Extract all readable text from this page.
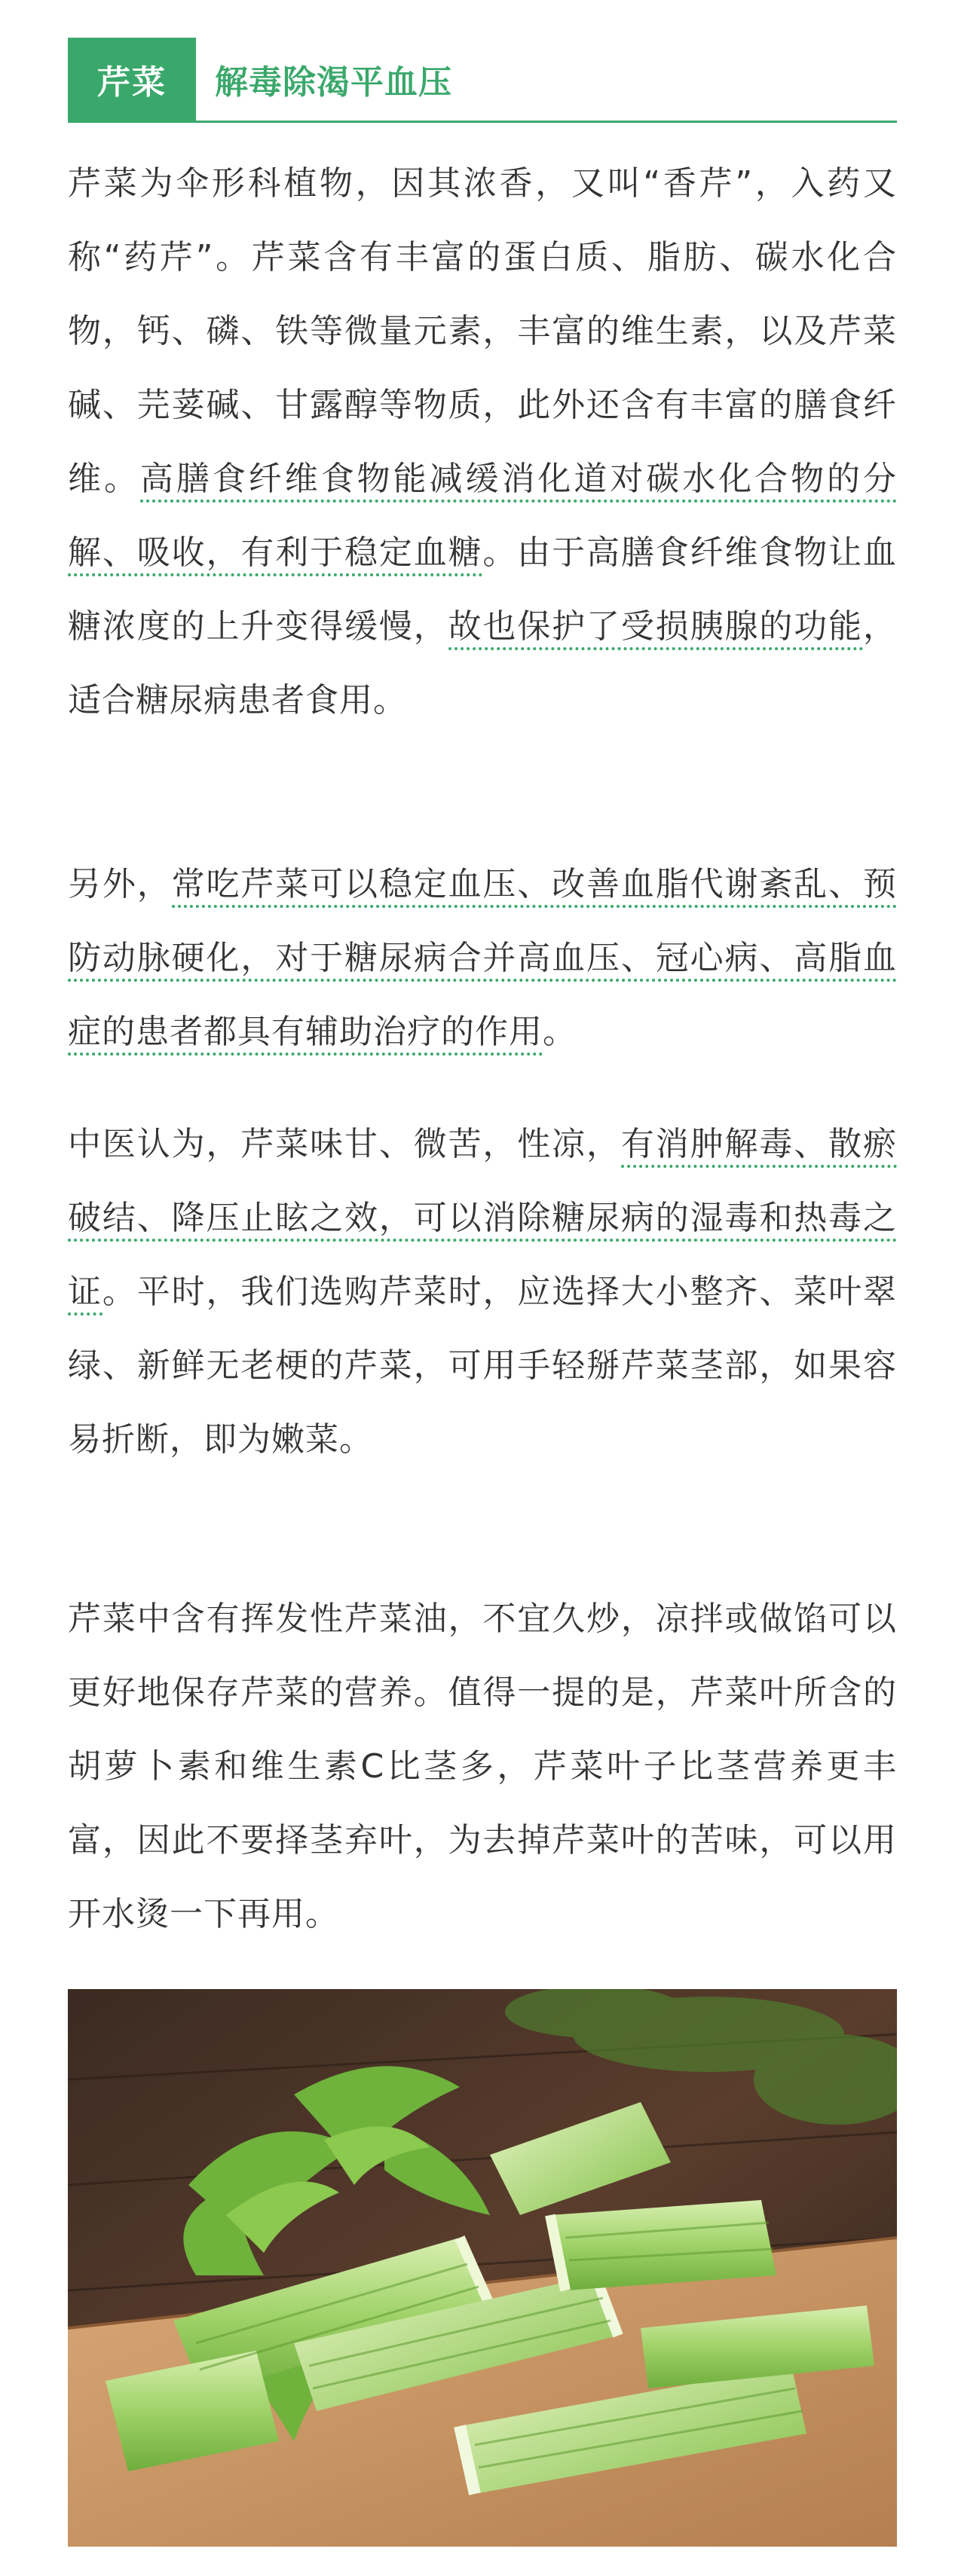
芹菜	解毒除渴平血压

芹菜为伞形科植物，因其浓香，又叫“香芹”，入药又称“药芹”。芹菜含有丰富的蛋白质、脂肪、碳水化合物，钙、磷、铁等微量元素，丰富的维生素，以及芹菜碱、芫荽碱、甘露醇等物质，此外还含有丰富的膳食纤维。高膳食纤维食物能减缓消化道对碳水化合物的分解、吸收，有利于稳定血糖。由于高膳食纤维食物让血糖浓度的上升变得缓慢，故也保护了受损胰腺的功能，适合糖尿病患者食用。

另外，常吃芹菜可以稳定血压、改善血脂代谢紊乱、预防动脉硬化，对于糖尿病合并高血压、冠心病、高脂血症的患者都具有辅助治疗的作用。

中医认为，芹菜味甘、微苦，性凉，有消肿解毒、散瘀破结、降压止眩之效，可以消除糖尿病的湿毒和热毒之证。平时，我们选购芹菜时，应选择大小整齐、菜叶翠绿、新鲜无老梗的芹菜，可用手轻掰芹菜茎部，如果容易折断，即为嫩菜。

芹菜中含有挥发性芹菜油，不宜久炒，凉拌或做馅可以更好地保存芹菜的营养。值得一提的是，芹菜叶所含的胡萝卜素和维生素C比茎多，芹菜叶子比茎营养更丰富，因此不要择茎弃叶，为去掉芹菜叶的苦味，可以用开水烫一下再用。
